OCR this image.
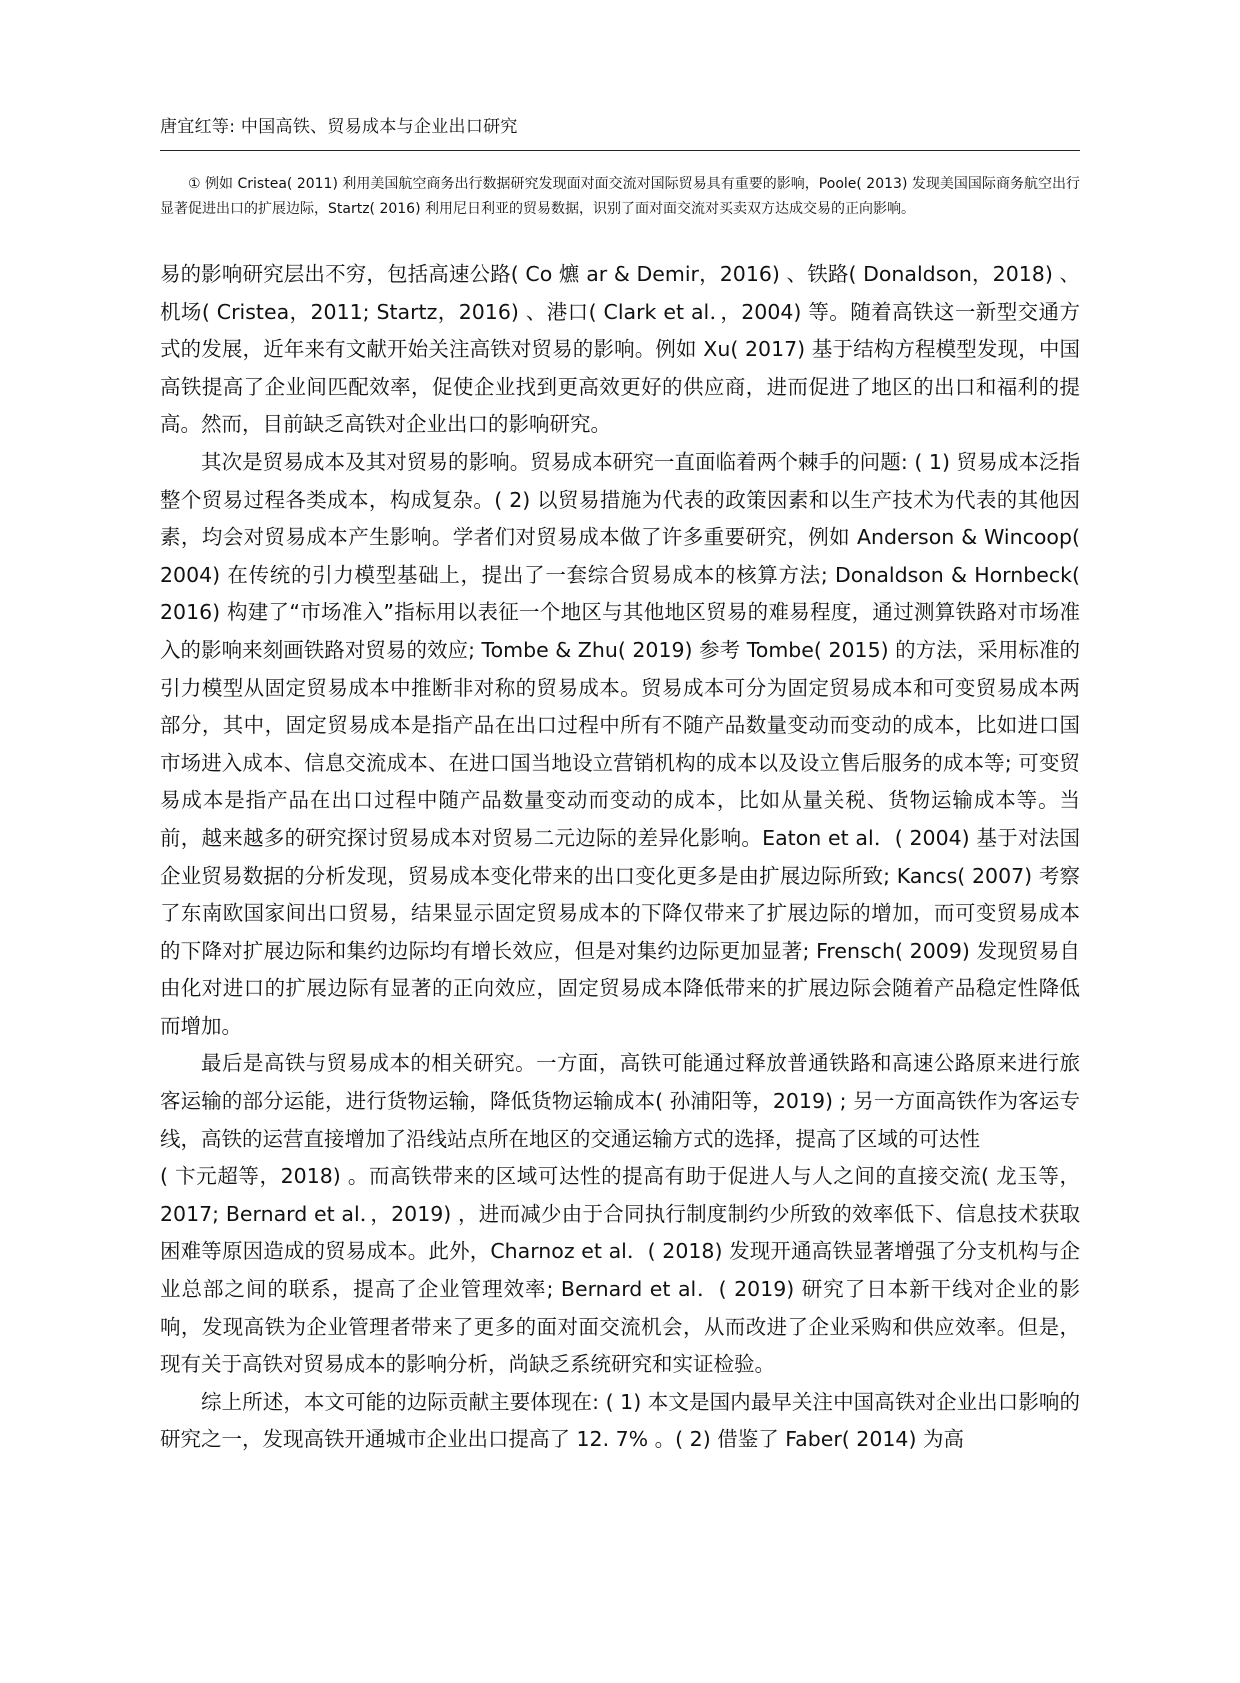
唐宜红等: 中国高铁、贸易成本与企业出口研究

① 例如 Cristea( 2011) 利用美国航空商务出行数据研究发现面对面交流对国际贸易具有重要的影响，Poole( 2013) 发现美国国际商务航空出行显著促进出口的扩展边际，Startz( 2016) 利用尼日利亚的贸易数据，识别了面对面交流对买卖双方达成交易的正向影响。

易的影响研究层出不穷，包括高速公路( Co 爊 ar & Demir，2016) 、铁路( Donaldson，2018) 、机场( Cristea，2011; Startz，2016) 、港口( Clark et al．，2004) 等。随着高铁这一新型交通方式的发展，近年来有文献开始关注高铁对贸易的影响。例如 Xu( 2017) 基于结构方程模型发现，中国高铁提高了企业间匹配效率，促使企业找到更高效更好的供应商，进而促进了地区的出口和福利的提高。然而，目前缺乏高铁对企业出口的影响研究。

其次是贸易成本及其对贸易的影响。贸易成本研究一直面临着两个棘手的问题: ( 1) 贸易成本泛指整个贸易过程各类成本，构成复杂。( 2) 以贸易措施为代表的政策因素和以生产技术为代表的其他因素，均会对贸易成本产生影响。学者们对贸易成本做了许多重要研究，例如 Anderson & Wincoop( 2004) 在传统的引力模型基础上，提出了一套综合贸易成本的核算方法; Donaldson & Hornbeck( 2016) 构建了“市场准入”指标用以表征一个地区与其他地区贸易的难易程度，通过测算铁路对市场准入的影响来刻画铁路对贸易的效应; Tombe & Zhu( 2019) 参考 Tombe( 2015) 的方法，采用标准的引力模型从固定贸易成本中推断非对称的贸易成本。贸易成本可分为固定贸易成本和可变贸易成本两部分，其中，固定贸易成本是指产品在出口过程中所有不随产品数量变动而变动的成本，比如进口国市场进入成本、信息交流成本、在进口国当地设立营销机构的成本以及设立售后服务的成本等; 可变贸易成本是指产品在出口过程中随产品数量变动而变动的成本，比如从量关税、货物运输成本等。当前，越来越多的研究探讨贸易成本对贸易二元边际的差异化影响。Eaton et al．( 2004) 基于对法国企业贸易数据的分析发现，贸易成本变化带来的出口变化更多是由扩展边际所致; Kancs( 2007) 考察了东南欧国家间出口贸易，结果显示固定贸易成本的下降仅带来了扩展边际的增加，而可变贸易成本的下降对扩展边际和集约边际均有增长效应，但是对集约边际更加显著; Frensch( 2009) 发现贸易自由化对进口的扩展边际有显著的正向效应，固定贸易成本降低带来的扩展边际会随着产品稳定性降低而增加。

最后是高铁与贸易成本的相关研究。一方面，高铁可能通过释放普通铁路和高速公路原来进行旅客运输的部分运能，进行货物运输，降低货物运输成本( 孙浦阳等，2019) ; 另一方面高铁作为客运专线，高铁的运营直接增加了沿线站点所在地区的交通运输方式的选择，提高了区域的可达性

( 卞元超等，2018) 。而高铁带来的区域可达性的提高有助于促进人与人之间的直接交流( 龙玉等，2017; Bernard et al．，2019) ，进而减少由于合同执行制度制约少所致的效率低下、信息技术获取困难等原因造成的贸易成本。此外，Charnoz et al．( 2018) 发现开通高铁显著增强了分支机构与企业总部之间的联系，提高了企业管理效率; Bernard et al．( 2019) 研究了日本新干线对企业的影响，发现高铁为企业管理者带来了更多的面对面交流机会，从而改进了企业采购和供应效率。但是，现有关于高铁对贸易成本的影响分析，尚缺乏系统研究和实证检验。

综上所述，本文可能的边际贡献主要体现在: ( 1) 本文是国内最早关注中国高铁对企业出口影响的研究之一，发现高铁开通城市企业出口提高了 12. 7% 。( 2) 借鉴了 Faber( 2014) 为高
